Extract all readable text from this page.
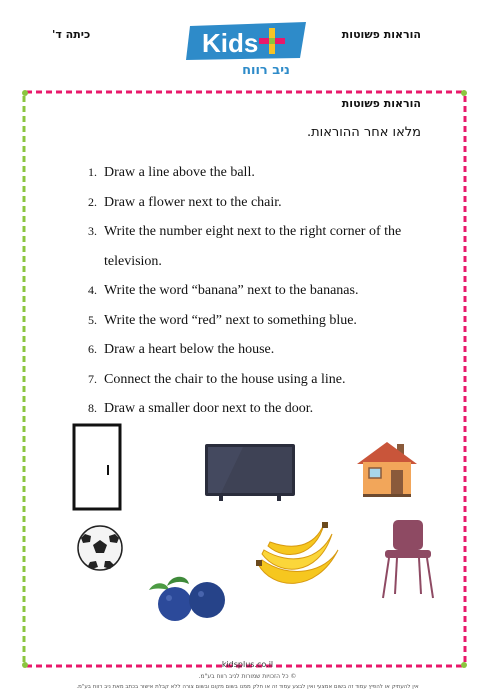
כיתה ד'	הוראות פשוטות
Kids
ניב רווח
הוראות פשוטות
מלאו אחר ההוראות.
1. Draw a line above the ball.
2. Draw a flower next to the chair.
3. Write the number eight next to the right corner of the
television.
4. Write the word “banana” next to the bananas.
5. Write the word “red” next to something blue.
6. Draw a heart below the house.
7. Connect the chair to the house using a line.
8. Draw a smaller door next to the door.
kidsplus.co.il
© כל הזכויות שמורות לניב רווח בע"מ.
אין להעתיק או להפיץ עמוד זה בשום אמצעי ואין לבצע עמוד זה או חלק ממנו בשום מקום ובשום צורה ללא קבלת אישור בכתב מאת ניב רווח בע"מ.
